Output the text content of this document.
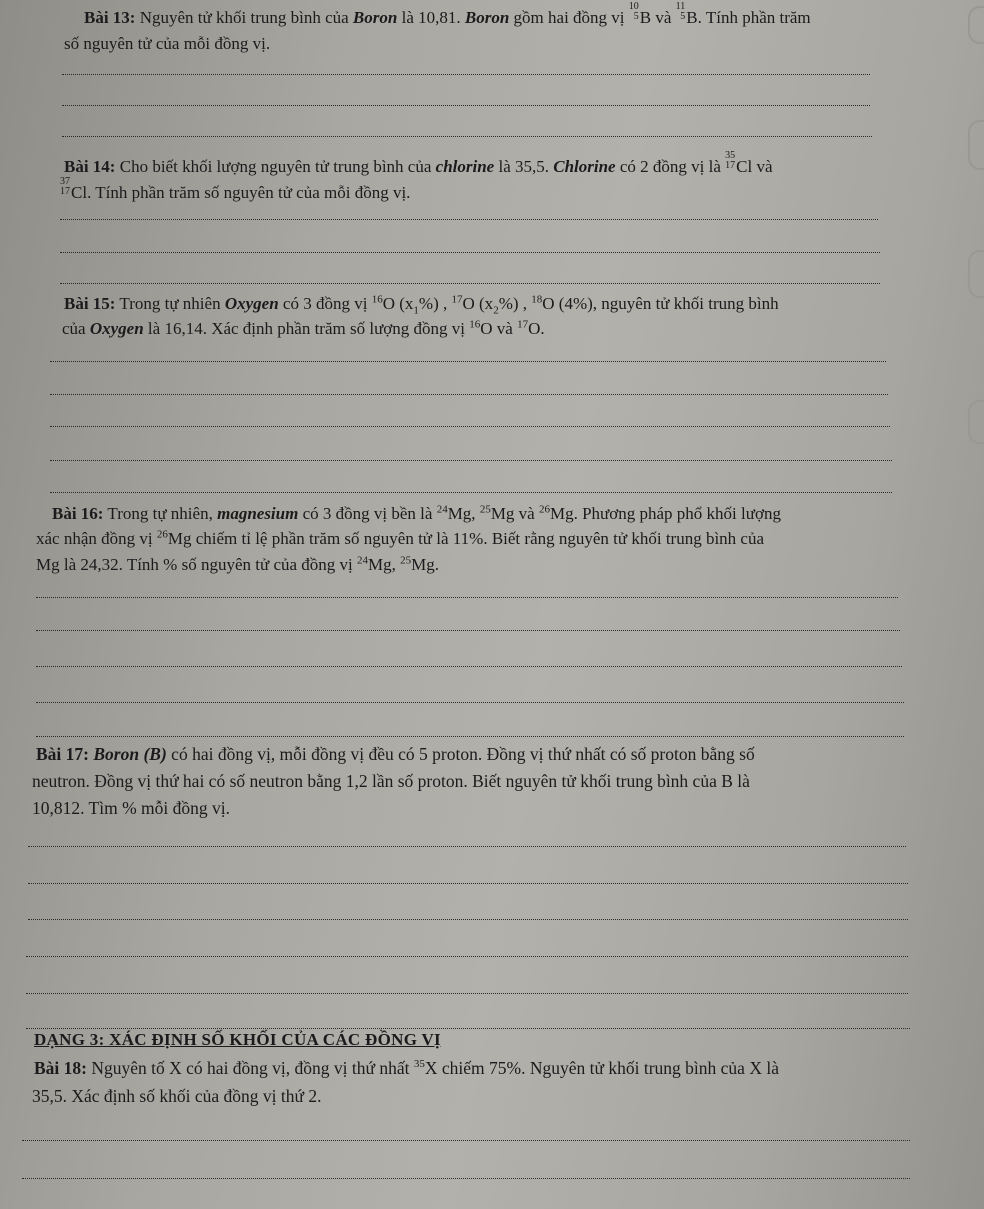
Bài 13: Nguyên tử khối trung bình của Boron là 10,81. Boron gồm hai đồng vị
10
5 B và
11
5 B. Tính phần trăm

số nguyên tử của mỗi đồng vị.

Bài 14: Cho biết khối lượng nguyên tử trung bình của chlorine là 35,5. Chlorine có 2 đồng vị là
35
17 Cl và

37
17 Cl. Tính phần trăm số nguyên tử của mỗi đồng vị.

Bài 15: Trong tự nhiên Oxygen có 3 đồng vị $^{16}$O $(x_1\%)$ , $^{17}$O $(x_2\%)$ , $^{18}$O (4%), nguyên tử khối trung bình

của Oxygen là 16,14. Xác định phần trăm số lượng đồng vị $^{16}$O và $^{17}$O.

Bài 16: Trong tự nhiên, magnesium có 3 đồng vị bền là $^{24}$Mg, $^{25}$Mg và $^{26}$Mg. Phương pháp phổ khối lượng

xác nhận đồng vị $^{26}$Mg chiếm tỉ lệ phần trăm số nguyên tử là 11%. Biết rằng nguyên tử khối trung bình của

Mg là 24,32. Tính % số nguyên tử của đồng vị $^{24}$Mg, $^{25}$Mg.

Bài 17: Boron (B) có hai đồng vị, mỗi đồng vị đều có 5 proton. Đồng vị thứ nhất có số proton bằng số

neutron. Đồng vị thứ hai có số neutron bằng 1,2 lần số proton. Biết nguyên tử khối trung bình của B là

10,812. Tìm % mỗi đồng vị.

DẠNG 3: XÁC ĐỊNH SỐ KHỐI CỦA CÁC ĐỒNG VỊ

Bài 18: Nguyên tố X có hai đồng vị, đồng vị thứ nhất $^{35}$X chiếm 75%. Nguyên tử khối trung bình của X là

35,5. Xác định số khối của đồng vị thứ 2.
